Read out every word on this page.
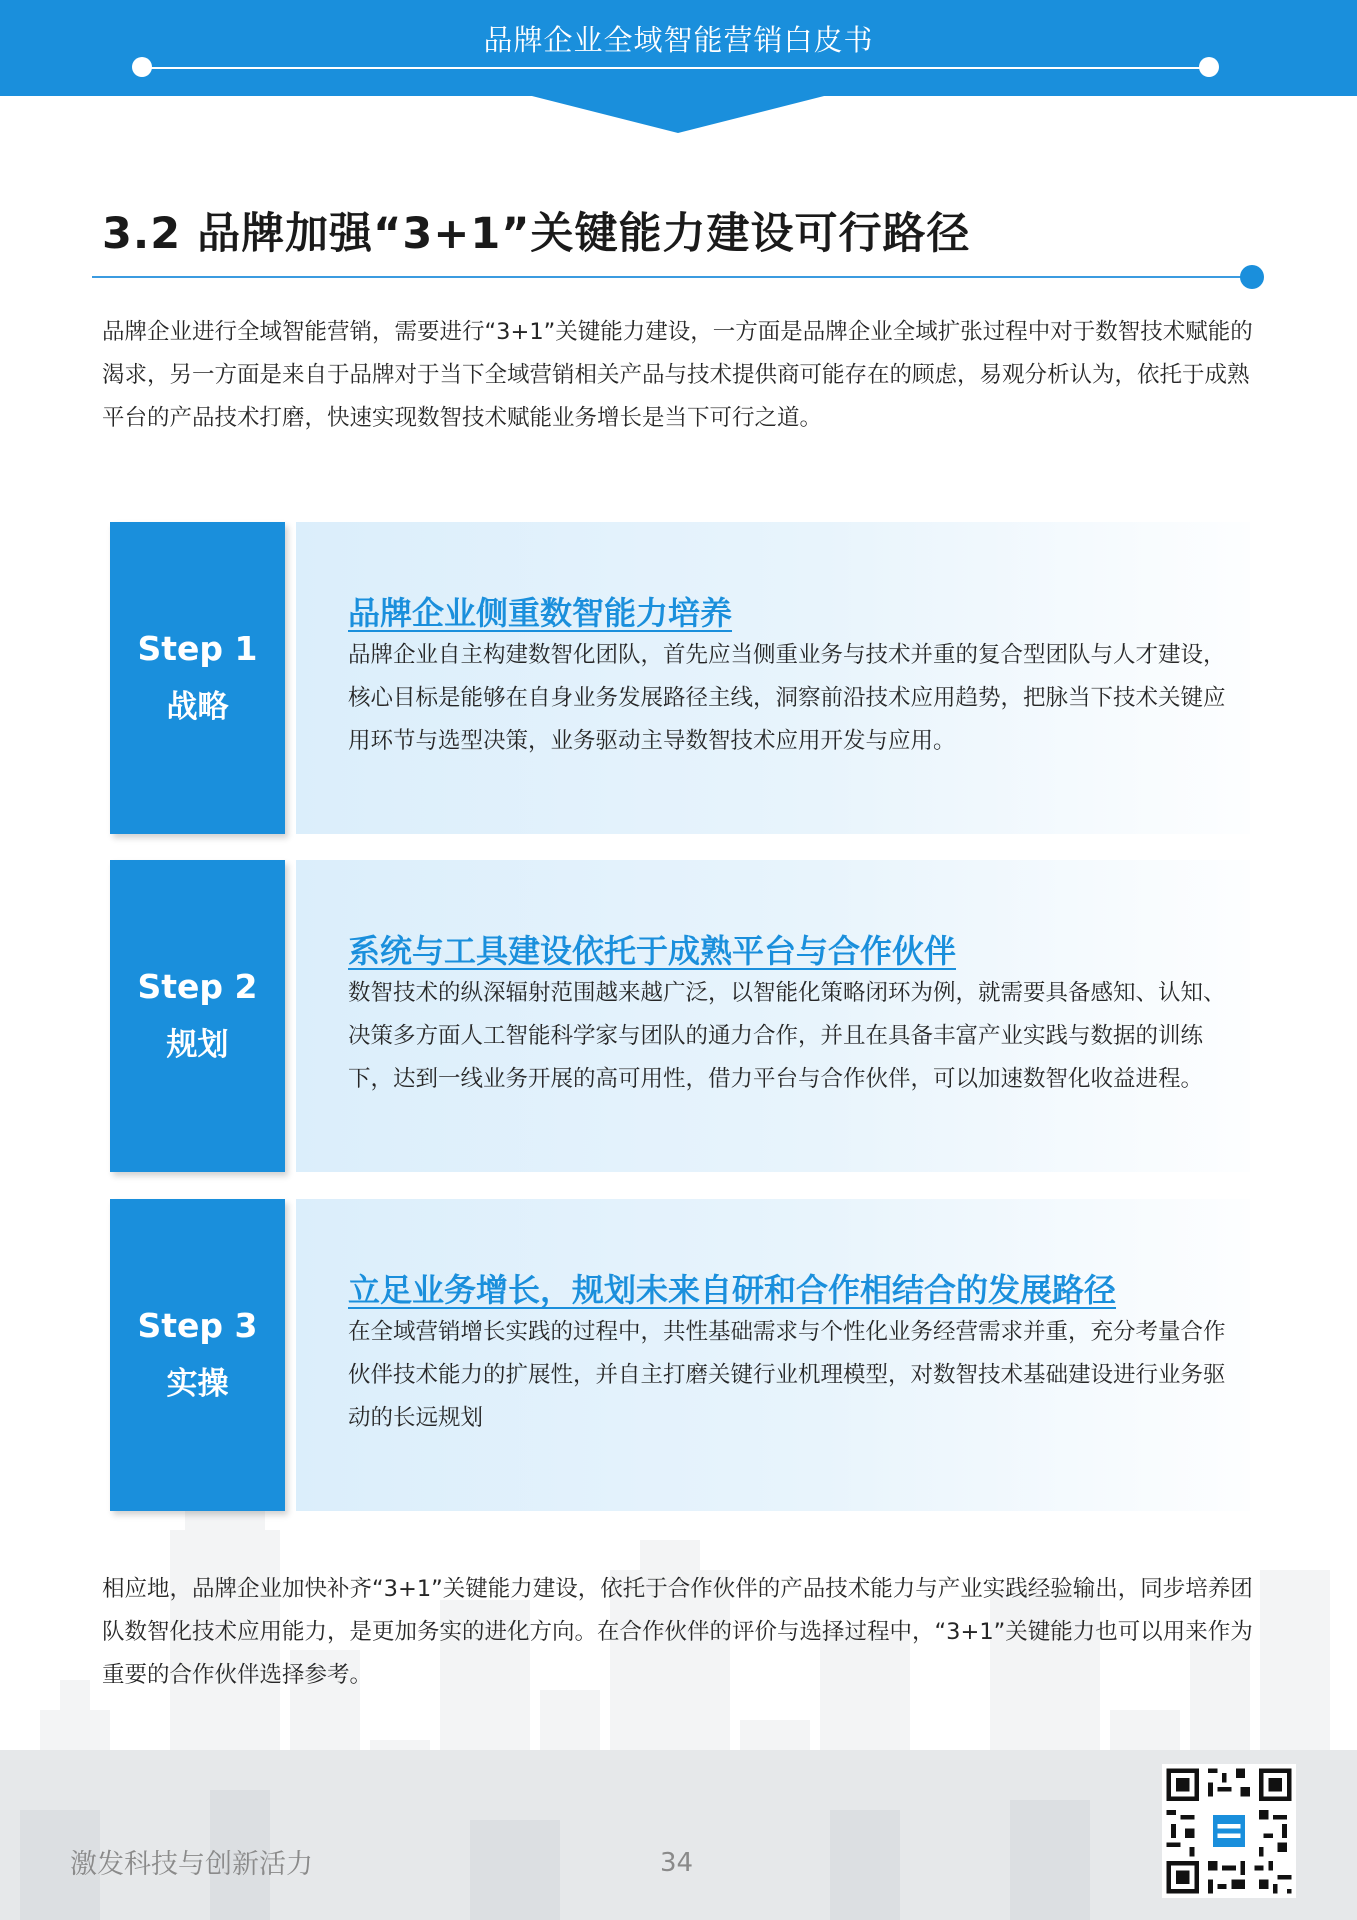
品牌企业全域智能营销白皮书
3.2 品牌加强“3+1”关键能力建设可行路径
品牌企业进行全域智能营销，需要进行“3+1”关键能力建设，一方面是品牌企业全域扩张过程中对于数智技术赋能的渴求，另一方面是来自于品牌对于当下全域营销相关产品与技术提供商可能存在的顾虑，易观分析认为，依托于成熟平台的产品技术打磨，快速实现数智技术赋能业务增长是当下可行之道。
Step 1
战略
品牌企业侧重数智能力培养
品牌企业自主构建数智化团队，首先应当侧重业务与技术并重的复合型团队与人才建设，核心目标是能够在自身业务发展路径主线，洞察前沿技术应用趋势，把脉当下技术关键应用环节与选型决策，业务驱动主导数智技术应用开发与应用。
Step 2
规划
系统与工具建设依托于成熟平台与合作伙伴
数智技术的纵深辐射范围越来越广泛，以智能化策略闭环为例，就需要具备感知、认知、决策多方面人工智能科学家与团队的通力合作，并且在具备丰富产业实践与数据的训练下，达到一线业务开展的高可用性，借力平台与合作伙伴，可以加速数智化收益进程。
Step 3
实操
立足业务增长，规划未来自研和合作相结合的发展路径
在全域营销增长实践的过程中，共性基础需求与个性化业务经营需求并重，充分考量合作伙伴技术能力的扩展性，并自主打磨关键行业机理模型，对数智技术基础建设进行业务驱动的长远规划
相应地，品牌企业加快补齐“3+1”关键能力建设，依托于合作伙伴的产品技术能力与产业实践经验输出，同步培养团队数智化技术应用能力，是更加务实的进化方向。在合作伙伴的评价与选择过程中，“3+1”关键能力也可以用来作为重要的合作伙伴选择参考。
激发科技与创新活力	34
